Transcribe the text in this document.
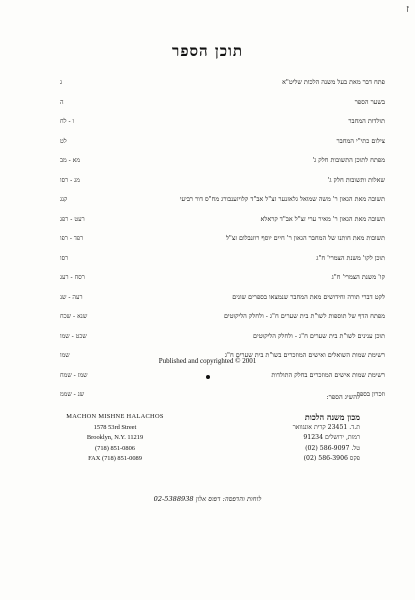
ז
תוכן הספר
ג	פתח דבר מאת בעל משנה הלכות שליט"א
ה	בשער הספר
ו - לח	תולדות המחבר
לט	צילום כתי"י המחבר
מא - מב	מפתח לתוכן התשובות חלק ג'
מג - רסו	שאלות ותשובות חלק ג'
קנג	תשובה מאת הגאון ר' משה שמואל גלאזנער זצ"ל אב"ד קלויזענבורג מח"ס דור רביעי
רעט - רפג	תשובה מאת הגאון ר' מאיר ערי זצ"ל אב"ד קראלא
רפד - רפו	תשובות מאת חותנו של המחבר הגאון ר' חיים יוסף רוזנבלום זצ"ל
רסו	תוכן לקו' משנת הצמרי' ח"ג
רסח - רעג	קו' משנת הצמרי' ח"ג
רעה - שנ	לקט דברי תורה וחידושים מאת המחבר שנמצאו בספרים שונים
שנא - שכח	מפתח הדף של תוספות לשו"ת בית שערים ח"ג - ולחלק הליקוטים
שכט - שמו	תוכן ענינים לשו"ת בית שערים ח"ג - ולחלק הליקוטים
שמו	רשימת שמות השואלים ואישים המוזכרים בשו"ת בית שערים ח"ג
שמז - שמח	רשימת שמות אישים המוזכרים בחלק התולדות
שנ - שממ	וזכרון בספר
Published and copyrighted © 2001
להשיג הספר:
MACHON MISHNE HALACHOS
1578 53rd Street
Brooklyn, N.Y. 11219
(718) 851-0806
FAX (718) 851-0089
מכון משנה הלכות
ת.ד. 23451 קרית אונגוואר
רמות, ירושלים 91234
טל. 586-9097 (02)
פקס 586-3906 (02)
לוחות והדפסה: דפוס אלון 02-5388938
